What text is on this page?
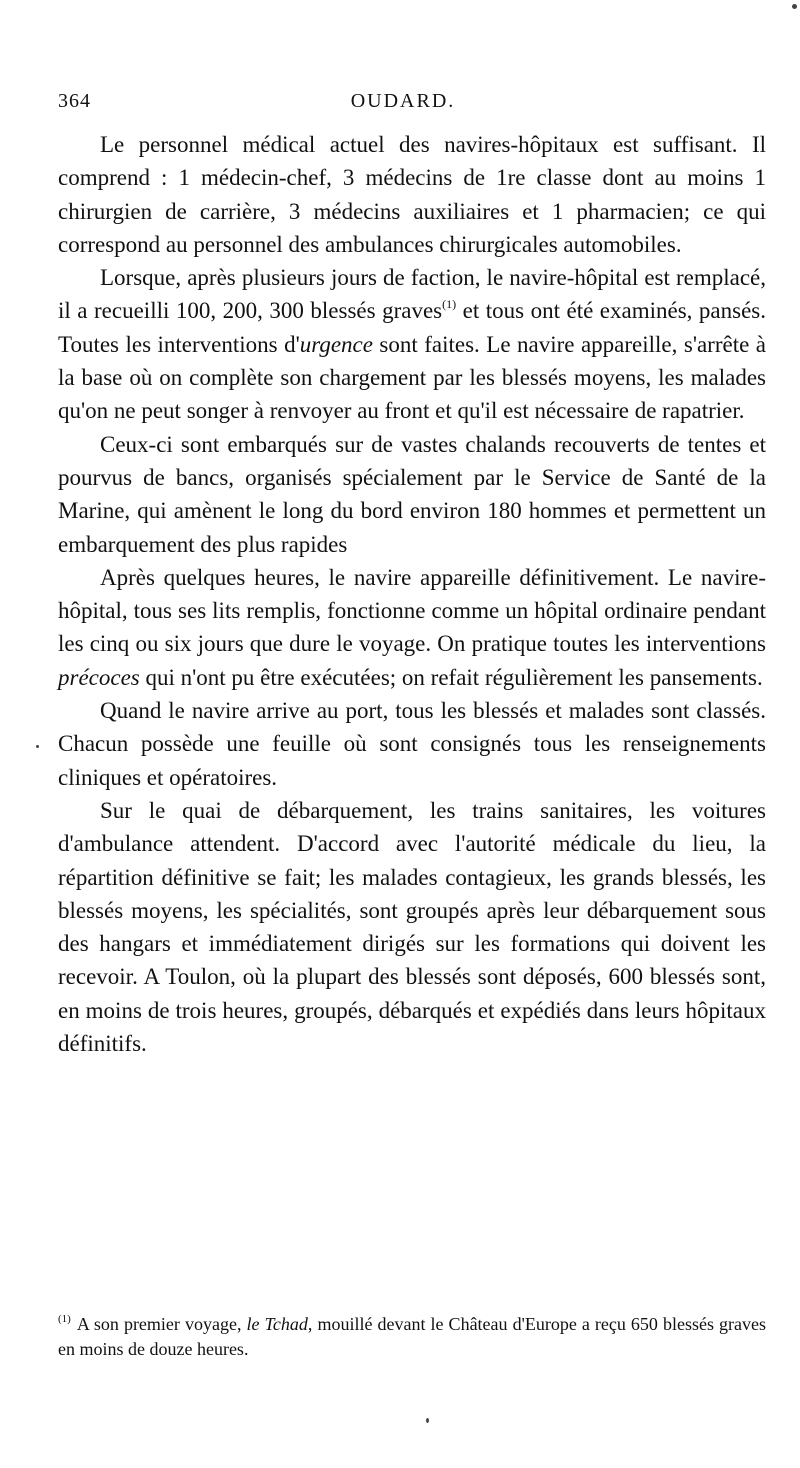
364	OUDARD.

Le personnel médical actuel des navires-hôpitaux est suffisant. Il comprend : 1 médecin-chef, 3 médecins de 1re classe dont au moins 1 chirurgien de carrière, 3 médecins auxiliaires et 1 pharmacien; ce qui correspond au personnel des ambulances chirurgicales automobiles.

Lorsque, après plusieurs jours de faction, le navire-hôpital est remplacé, il a recueilli 100, 200, 300 blessés graves$^{(1)}$ et tous ont été examinés, pansés. Toutes les interventions d'urgence sont faites. Le navire appareille, s'arrête à la base où on complète son chargement par les blessés moyens, les malades qu'on ne peut songer à renvoyer au front et qu'il est nécessaire de rapatrier.

Ceux-ci sont embarqués sur de vastes chalands recouverts de tentes et pourvus de bancs, organisés spécialement par le Service de Santé de la Marine, qui amènent le long du bord environ 180 hommes et permettent un embarquement des plus rapides

Après quelques heures, le navire appareille définitivement. Le navire-hôpital, tous ses lits remplis, fonctionne comme un hôpital ordinaire pendant les cinq ou six jours que dure le voyage. On pratique toutes les interventions précoces qui n'ont pu être exécutées; on refait régulièrement les pansements.

Quand le navire arrive au port, tous les blessés et malades sont classés. Chacun possède une feuille où sont consignés tous les renseignements cliniques et opératoires.

Sur le quai de débarquement, les trains sanitaires, les voitures d'ambulance attendent. D'accord avec l'autorité médicale du lieu, la répartition définitive se fait; les malades contagieux, les grands blessés, les blessés moyens, les spécialités, sont groupés après leur débarquement sous des hangars et immédiatement dirigés sur les formations qui doivent les recevoir. A Toulon, où la plupart des blessés sont déposés, 600 blessés sont, en moins de trois heures, groupés, débarqués et expédiés dans leurs hôpitaux définitifs.

$^{(1)}$ A son premier voyage, le Tchad, mouillé devant le Château d'Europe a reçu 650 blessés graves en moins de douze heures.
